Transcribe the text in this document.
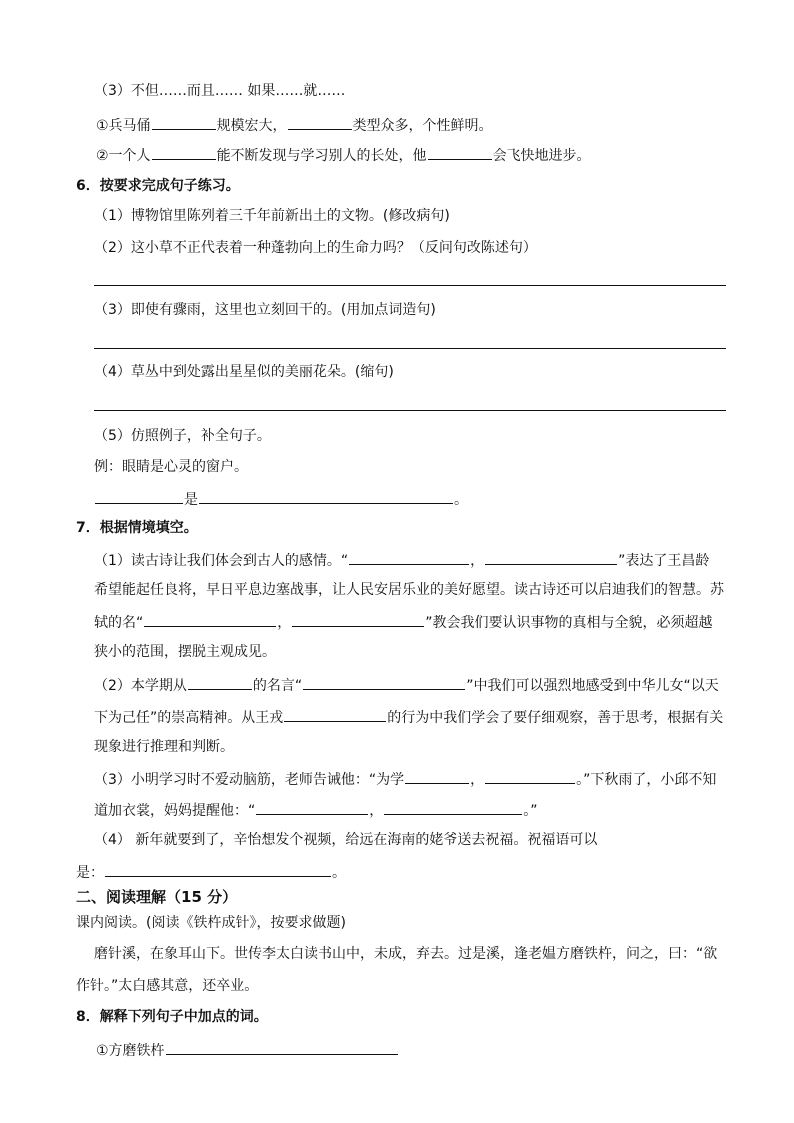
（3）不但……而且…… 如果……就……
①兵马俑	规模宏大，	类型众多，个性鲜明。
②一个人	能不断发现与学习别人的长处，他	会飞快地进步。
6．按要求完成句子练习。
（1）博物馆里陈列着三千年前新出土的文物。(修改病句)
（2）这小草不正代表着一种蓬勃向上的生命力吗？（反问句改陈述句）
（3）即使有骤雨，这里也立刻回干的。(用加点词造句)
（4）草丛中到处露出星星似的美丽花朵。(缩句)
（5）仿照例子，补全句子。
例：眼睛是心灵的窗户。
是	。
7．根据情境填空。
（1）读古诗让我们体会到古人的感情。“	，	”表达了王昌龄
希望能起任良将，早日平息边塞战事，让人民安居乐业的美好愿望。读古诗还可以启迪我们的智慧。苏
轼的名“	，	”教会我们要认识事物的真相与全貌，必须超越
狭小的范围，摆脱主观成见。
（2）本学期从	的名言“	”中我们可以强烈地感受到中华儿女“以天
下为己任”的崇高精神。从王戎	的行为中我们学会了要仔细观察，善于思考，根据有关
现象进行推理和判断。
（3）小明学习时不爱动脑筋，老师告诫他：“为学	，	。”下秋雨了，小邱不知
道加衣裳，妈妈提醒他：“	，	。”
（4） 新年就要到了，辛怡想发个视频，给远在海南的姥爷送去祝福。祝福语可以
是：	。
二、阅读理解（15 分）
课内阅读。(阅读《铁杵成针》，按要求做题)
磨针溪，在象耳山下。世传李太白读书山中，未成，弃去。过是溪，逢老媪方磨铁杵，问之，曰：“欲
作针。”太白感其意，还卒业。
8．解释下列句子中加点的词。
①方磨铁杵
